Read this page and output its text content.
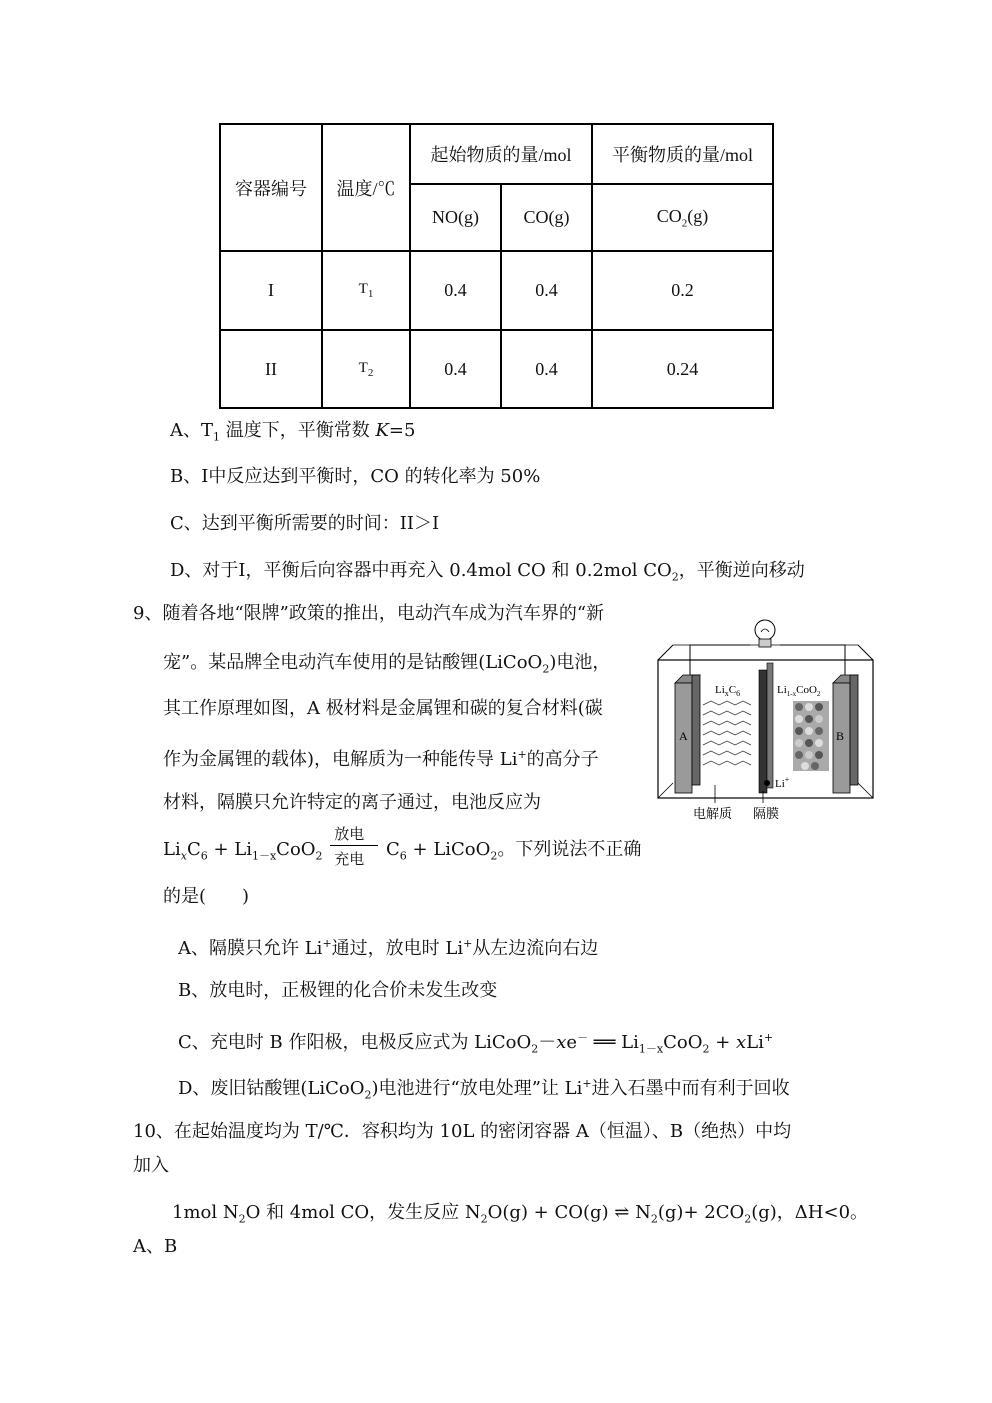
容器编号	温度/℃	起始物质的量/mol		平衡物质的量/mol
		NO(g)	CO(g)	$CO_2(g)$
I	$T_1$	0.4	0.4	0.2
II	$T_2$	0.4	0.4	0.24
A、$T_1$ 温度下，平衡常数 K=5
B、I中反应达到平衡时，CO 的转化率为 50%
C、达到平衡所需要的时间：II＞I
D、对于I，平衡后向容器中再充入 0.4mol CO 和 0.2mol $CO_2$，平衡逆向移动
9、随着各地“限牌”政策的推出，电动汽车成为汽车界的“新
宠”。某品牌全电动汽车使用的是钴酸锂(LiCoO$_2$)电池，
其工作原理如图，A 极材料是金属锂和碳的复合材料(碳
作为金属锂的载体)，电解质为一种能传导 Li+的高分子
材料，隔膜只允许特定的离子通过，电池反应为
$Li_xC_6 + Li_{1-x}CoO_2$
放电
充电 $C_6$ + LiCoO$_2$。下列说法不正确
的是(　　)
A、隔膜只允许 Li+通过，放电时 Li+从左边流向右边
B、放电时，正极锂的化合价未发生改变
C、充电时 B 作阳极，电极反应式为 LiCoO$_2$－xe－ ══ $Li_{1-x}CoO_2 + xLi^+$
D、废旧钴酸锂(LiCoO$_2$)电池进行“放电处理”让 Li+进入石墨中而有利于回收
A	B
$Li_xC_6$	$Li_{1-x}CoO_2$
Li+
电解质 隔膜
10、在起始温度均为 T/℃．容积均为 10L 的密闭容器 A（恒温）、B（绝热）中均
加入
1mol $N_2O$ 和 4mol CO，发生反应 $N_2O(g) + CO(g)$ ⇌ $N_2(g)+ 2CO_2(g)$，ΔH<0。
A、B
